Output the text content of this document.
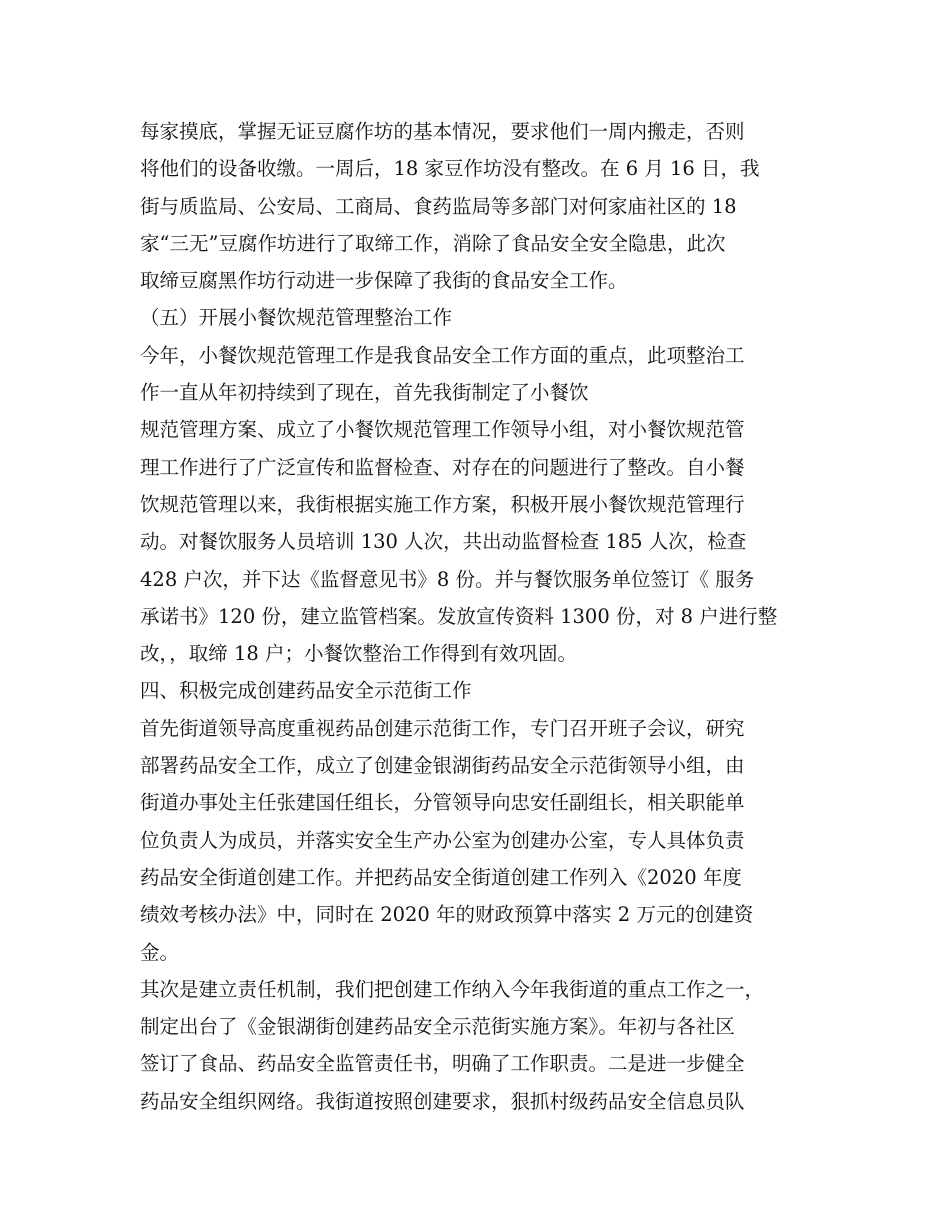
每家摸底，掌握无证豆腐作坊的基本情况，要求他们一周内搬走，否则
将他们的设备收缴。一周后，18 家豆作坊没有整改。在 6 月 16 日，我
街与质监局、公安局、工商局、食药监局等多部门对何家庙社区的 18
家“三无”豆腐作坊进行了取缔工作，消除了食品安全安全隐患，此次
取缔豆腐黑作坊行动进一步保障了我街的食品安全工作。
（五）开展小餐饮规范管理整治工作
今年，小餐饮规范管理工作是我食品安全工作方面的重点，此项整治工
作一直从年初持续到了现在，首先我街制定了小餐饮
规范管理方案、成立了小餐饮规范管理工作领导小组，对小餐饮规范管
理工作进行了广泛宣传和监督检查、对存在的问题进行了整改。自小餐
饮规范管理以来，我街根据实施工作方案，积极开展小餐饮规范管理行
动。对餐饮服务人员培训 130 人次，共出动监督检查 185 人次，检查
428 户次，并下达《监督意见书》8 份。并与餐饮服务单位签订《 服务
承诺书》120 份，建立监管档案。发放宣传资料 1300 份，对 8 户进行整
改，，取缔 18 户；小餐饮整治工作得到有效巩固。
四、积极完成创建药品安全示范街工作
首先街道领导高度重视药品创建示范街工作，专门召开班子会议，研究
部署药品安全工作，成立了创建金银湖街药品安全示范街领导小组，由
街道办事处主任张建国任组长，分管领导向忠安任副组长，相关职能单
位负责人为成员，并落实安全生产办公室为创建办公室，专人具体负责
药品安全街道创建工作。并把药品安全街道创建工作列入《2020 年度
绩效考核办法》中，同时在 2020 年的财政预算中落实 2 万元的创建资
金。
其次是建立责任机制，我们把创建工作纳入今年我街道的重点工作之一，
制定出台了《金银湖街创建药品安全示范街实施方案》。年初与各社区
签订了食品、药品安全监管责任书，明确了工作职责。二是进一步健全
药品安全组织网络。我街道按照创建要求，狠抓村级药品安全信息员队
